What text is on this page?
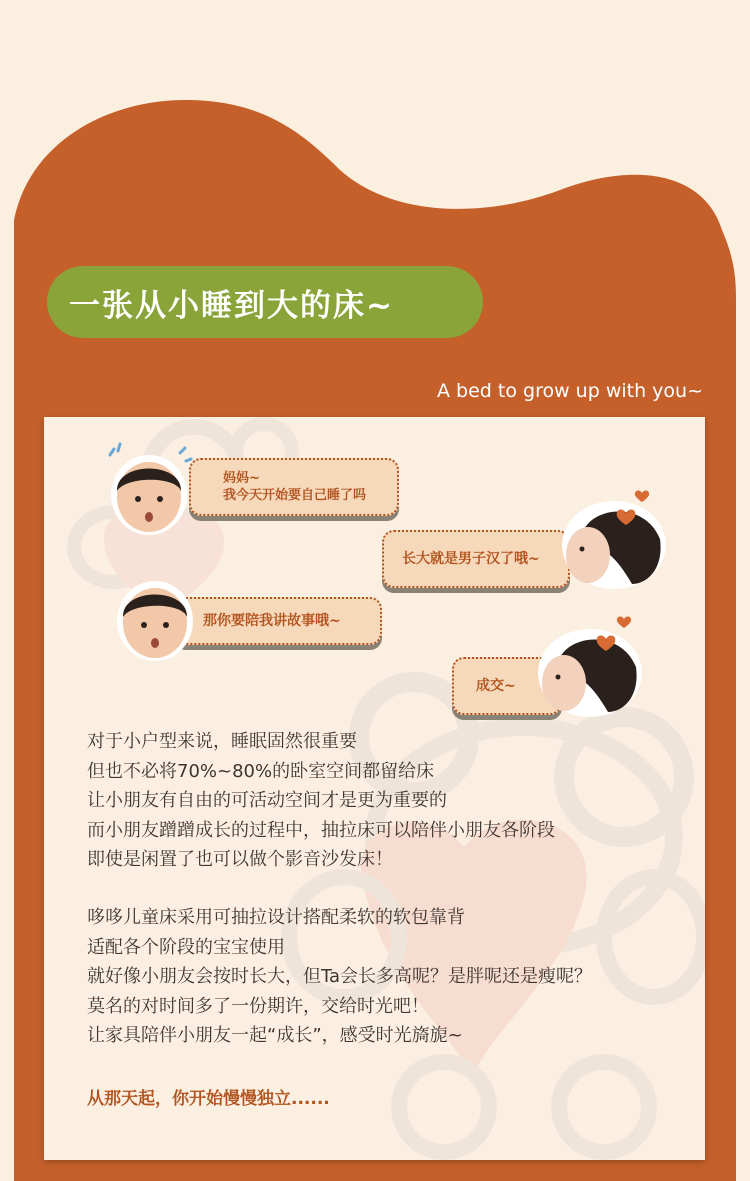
一张从小睡到大的床~
A bed to grow up with you~
妈妈~
我今天开始要自己睡了吗
长大就是男子汉了哦~
那你要陪我讲故事哦~
成交~
对于小户型来说，睡眠固然很重要
但也不必将70%~80%的卧室空间都留给床
让小朋友有自由的可活动空间才是更为重要的
而小朋友蹭蹭成长的过程中，抽拉床可以陪伴小朋友各阶段
即使是闲置了也可以做个影音沙发床！
哆哆儿童床采用可抽拉设计搭配柔软的软包靠背
适配各个阶段的宝宝使用
就好像小朋友会按时长大，但Ta会长多高呢？是胖呢还是瘦呢？
莫名的对时间多了一份期许，交给时光吧！
让家具陪伴小朋友一起“成长”，感受时光旖旎~
从那天起，你开始慢慢独立......
